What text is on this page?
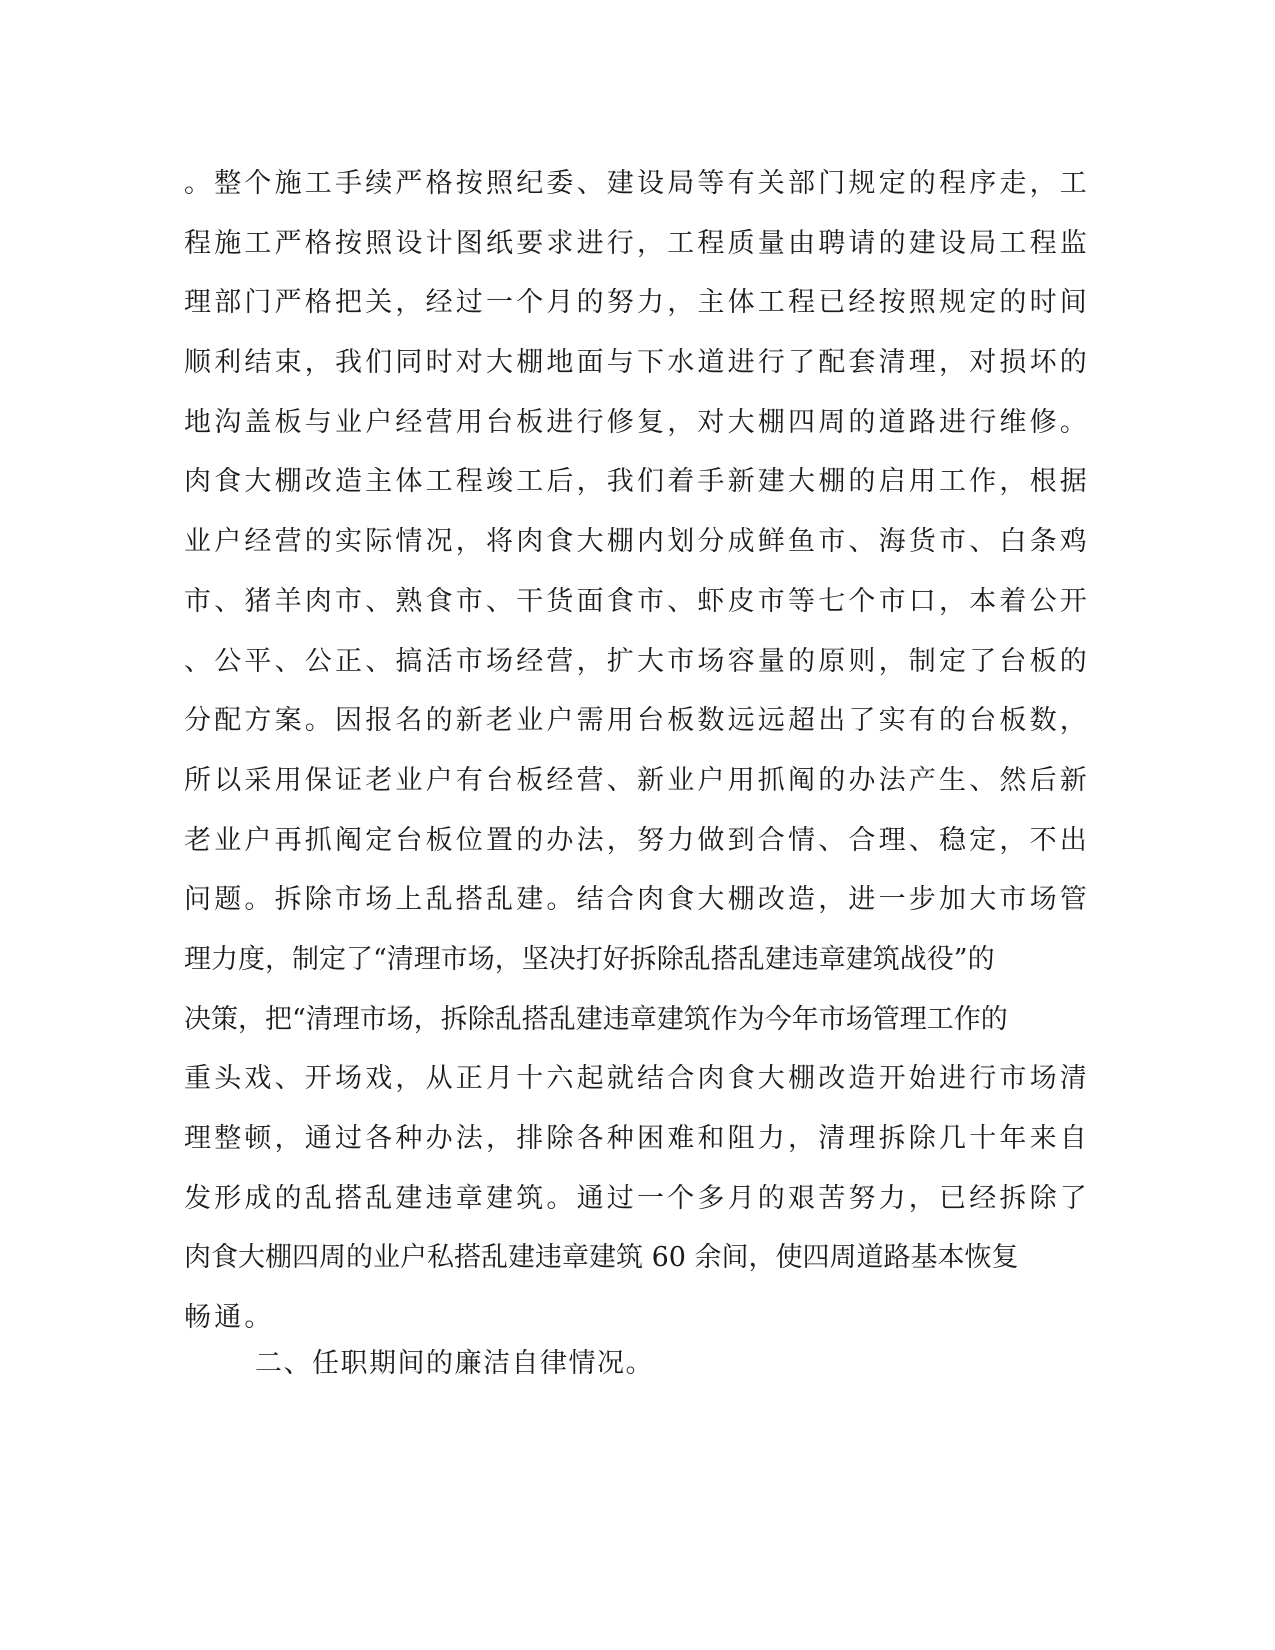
。整个施工手续严格按照纪委、建设局等有关部门规定的程序走，工
程施工严格按照设计图纸要求进行，工程质量由聘请的建设局工程监
理部门严格把关，经过一个月的努力，主体工程已经按照规定的时间
顺利结束，我们同时对大棚地面与下水道进行了配套清理，对损坏的
地沟盖板与业户经营用台板进行修复，对大棚四周的道路进行维修。
肉食大棚改造主体工程竣工后，我们着手新建大棚的启用工作，根据
业户经营的实际情况，将肉食大棚内划分成鲜鱼市、海货市、白条鸡
市、猪羊肉市、熟食市、干货面食市、虾皮市等七个市口，本着公开
、公平、公正、搞活市场经营，扩大市场容量的原则，制定了台板的
分配方案。因报名的新老业户需用台板数远远超出了实有的台板数，
所以采用保证老业户有台板经营、新业户用抓阄的办法产生、然后新
老业户再抓阄定台板位置的办法，努力做到合情、合理、稳定，不出
问题。拆除市场上乱搭乱建。结合肉食大棚改造，进一步加大市场管
理力度，制定了“清理市场，坚决打好拆除乱搭乱建违章建筑战役”的
决策，把“清理市场，拆除乱搭乱建违章建筑作为今年市场管理工作的
重头戏、开场戏，从正月十六起就结合肉食大棚改造开始进行市场清
理整顿，通过各种办法，排除各种困难和阻力，清理拆除几十年来自
发形成的乱搭乱建违章建筑。通过一个多月的艰苦努力，已经拆除了
肉食大棚四周的业户私搭乱建违章建筑 60 余间，使四周道路基本恢复
畅通。
二、任职期间的廉洁自律情况。
